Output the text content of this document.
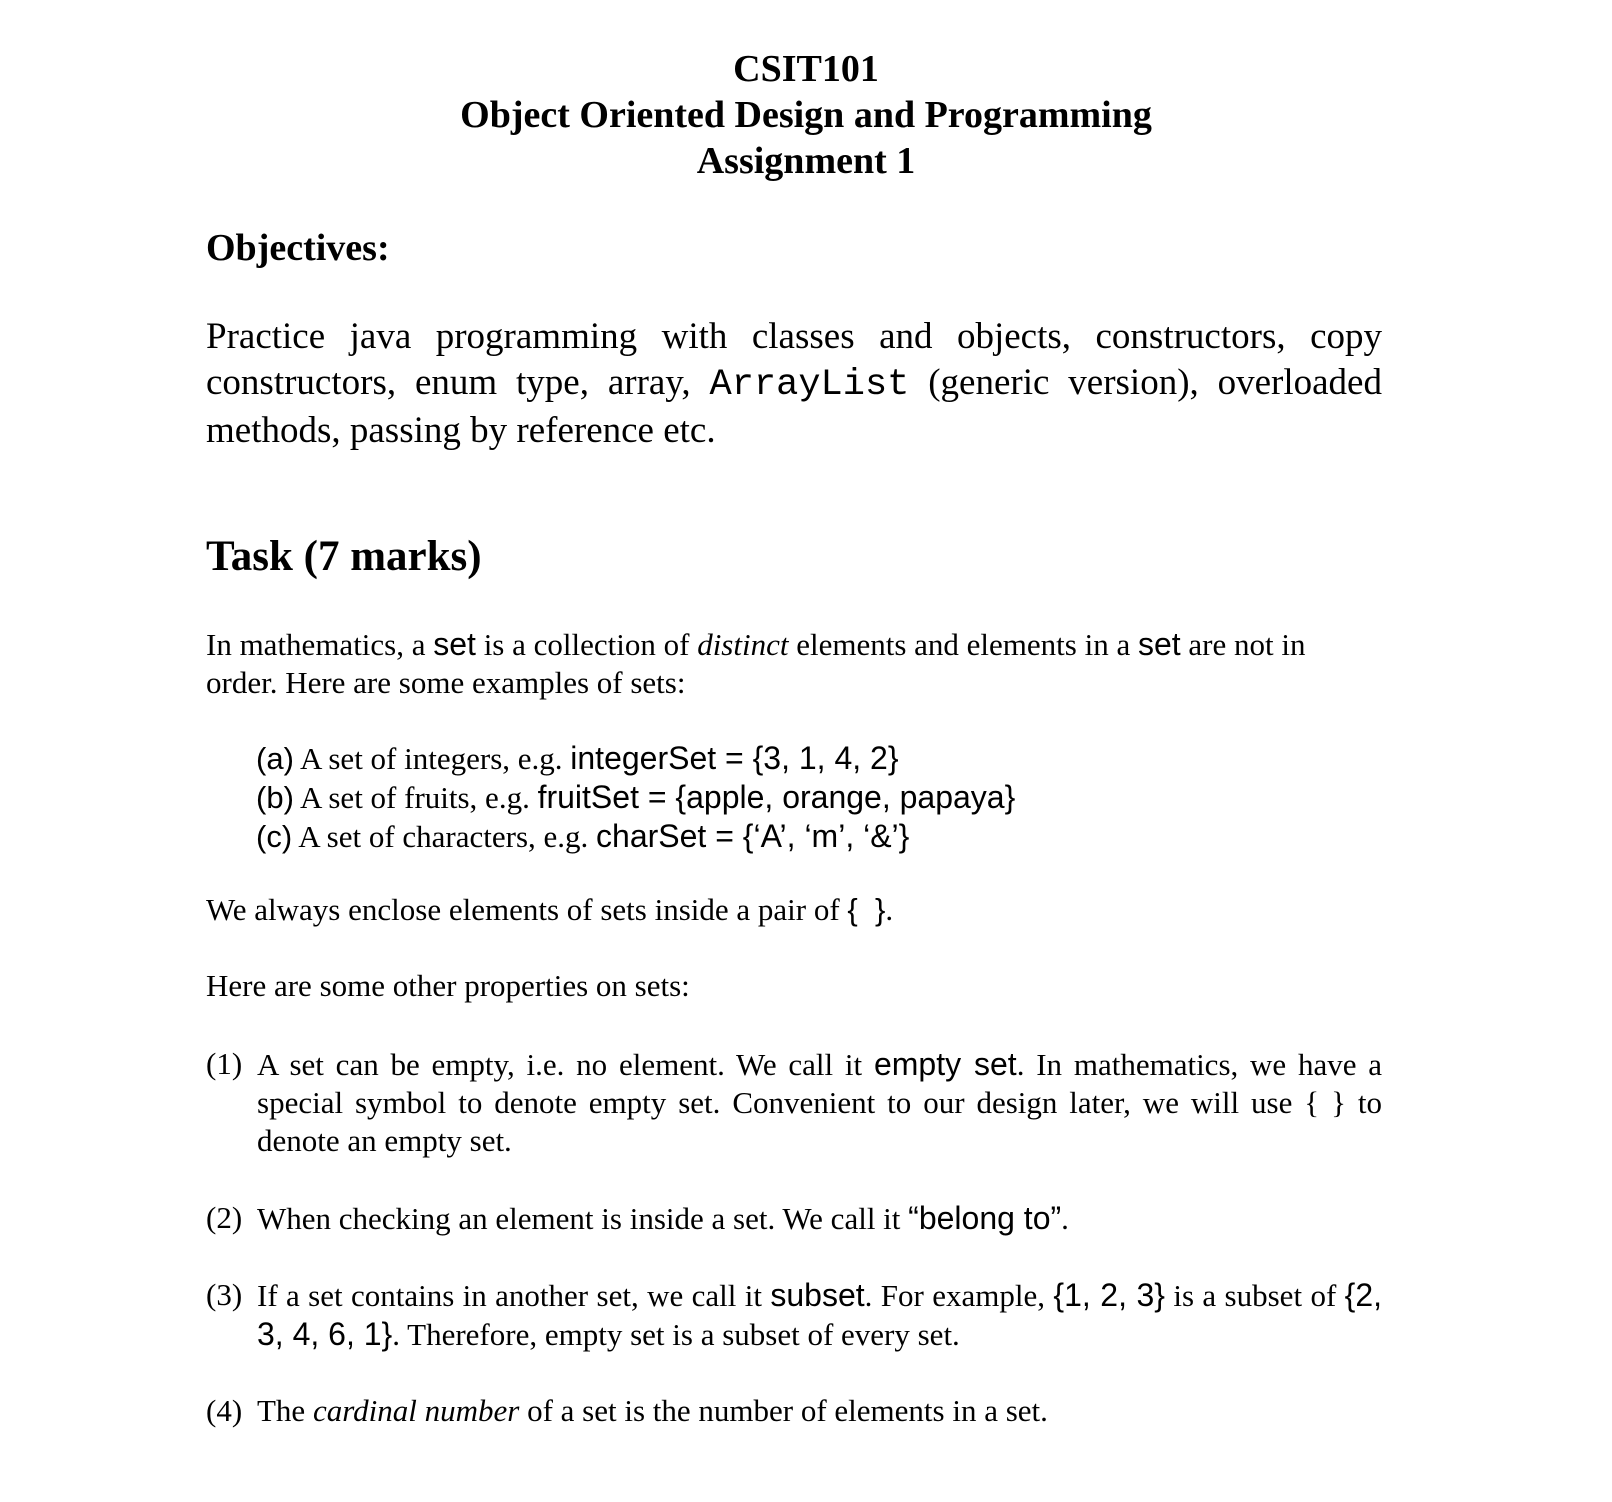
CSIT101
Object Oriented Design and Programming
Assignment 1
Objectives:
Practice java programming with classes and objects, constructors, copy constructors, enum type, array, ArrayList (generic version), overloaded methods, passing by reference etc.
Task (7 marks)
In mathematics, a set is a collection of distinct elements and elements in a set are not in order. Here are some examples of sets:
(a) A set of integers, e.g. integerSet = {3, 1, 4, 2}
(b) A set of fruits, e.g. fruitSet = {apple, orange, papaya}
(c) A set of characters, e.g. charSet = {‘A’, ‘m’, ‘&’}
We always enclose elements of sets inside a pair of {  }.
Here are some other properties on sets:
(1) A set can be empty, i.e. no element. We call it empty set. In mathematics, we have a special symbol to denote empty set. Convenient to our design later, we will use { } to denote an empty set.
(2) When checking an element is inside a set. We call it “belong to”.
(3) If a set contains in another set, we call it subset. For example, {1, 2, 3} is a subset of {2, 3, 4, 6, 1}. Therefore, empty set is a subset of every set.
(4) The cardinal number of a set is the number of elements in a set.
